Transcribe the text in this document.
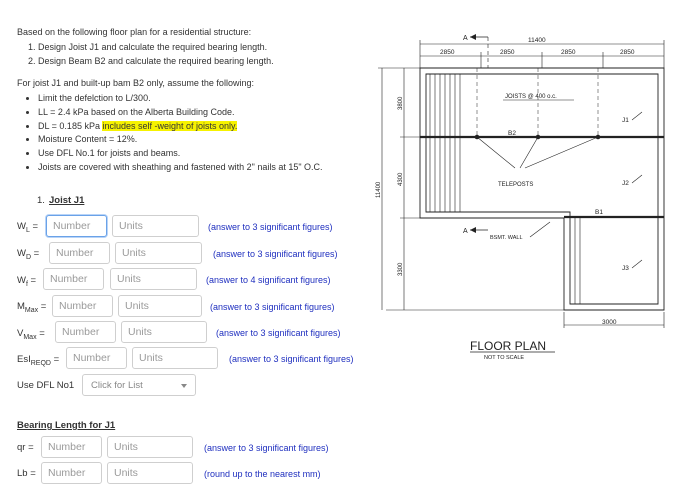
Based on the following floor plan for a residential structure:
1. Design Joist J1 and calculate the required bearing length.
2. Design Beam B2 and calculate the required bearing length.
For joist J1 and built-up bam B2 only, assume the following:
• Limit the defelction to L/300.
• LL = 2.4 kPa based on the Alberta Building Code.
• DL = 0.185 kPa includes self -weight of joists only.
• Moisture Content = 12%.
• Use DFL No.1 for joists and beams.
• Joists are covered with sheathing and fastened with 2" nails at 15" O.C.
1. Joist J1
$W_L$ =
Number
Units	(answer to 3 significant figures)
$W_D$ =
Number
Units	(answer to 3 significant figures)
$W_f$ =
Number
Units	(answer to 4 significant figures)
$M_{Max}$ =
Number
Units	(answer to 3 significant figures)
$V_{Max}$ =
Number
Units	(answer to 3 significant figures)
EsI$_{REQD}$ =
Number
Units	(answer to 3 significant figures)
Use DFL No1	Click for List
Bearing Length for J1
qr =
Number
Units	(answer to 3 significant figures)
Lb =
Number
Units	(round up to the nearest mm)
A	11400
2850	2850	2850	2850
B2
B1
JOISTS @ 400 o.c.
TELEPOSTS
A
BSMT. WALL
J1
J2
J3
3800
4300
3300
11400
3000
FLOOR PLAN
NOT TO SCALE
